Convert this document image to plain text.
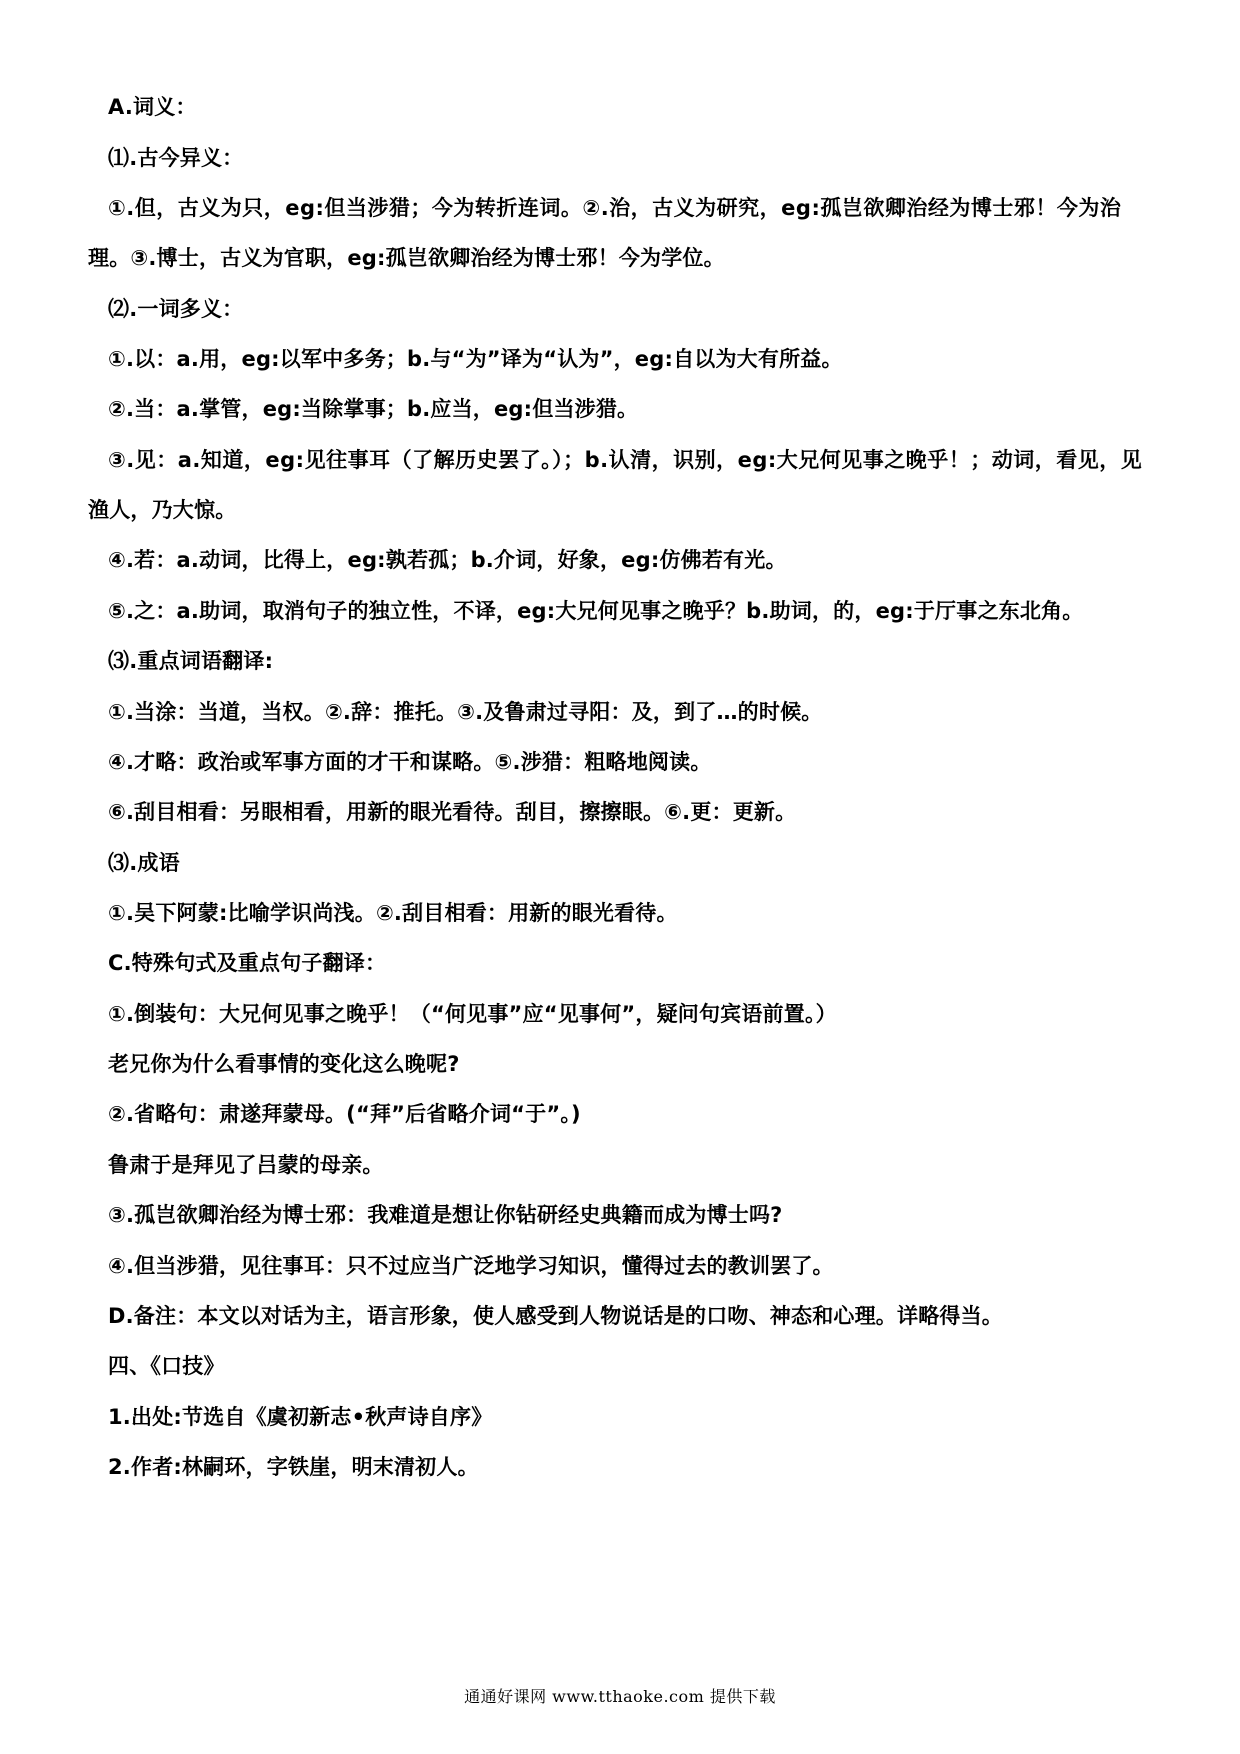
A.词义：
⑴.古今异义：
①.但，古义为只，eg:但当涉猎；今为转折连词。②.治，古义为研究，eg:孤岂欲卿治经为博士邪！今为治
理。③.博士，古义为官职，eg:孤岂欲卿治经为博士邪！今为学位。
⑵.一词多义：
①.以：a.用，eg:以军中多务；b.与“为”译为“认为”，eg:自以为大有所益。
②.当：a.掌管，eg:当除掌事；b.应当，eg:但当涉猎。
③.见：a.知道，eg:见往事耳（了解历史罢了。）；b.认清，识别，eg:大兄何见事之晚乎！；动词，看见，见
渔人，乃大惊。
④.若：a.动词，比得上，eg:孰若孤；b.介词，好象，eg:仿佛若有光。
⑤.之：a.助词，取消句子的独立性，不译，eg:大兄何见事之晚乎？b.助词，的，eg:于厅事之东北角。
⑶.重点词语翻译:
①.当涂：当道，当权。②.辞：推托。③.及鲁肃过寻阳：及，到了…的时候。
④.才略：政治或军事方面的才干和谋略。⑤.涉猎：粗略地阅读。
⑥.刮目相看：另眼相看，用新的眼光看待。刮目，擦擦眼。⑥.更：更新。
⑶.成语
①.吴下阿蒙:比喻学识尚浅。②.刮目相看：用新的眼光看待。
C.特殊句式及重点句子翻译：
①.倒装句：大兄何见事之晚乎！（“何见事”应“见事何”，疑问句宾语前置。）
老兄你为什么看事情的变化这么晚呢?
②.省略句：肃遂拜蒙母。(“拜”后省略介词“于”。)
鲁肃于是拜见了吕蒙的母亲。
③.孤岂欲卿治经为博士邪：我难道是想让你钻研经史典籍而成为博士吗?
④.但当涉猎，见往事耳：只不过应当广泛地学习知识，懂得过去的教训罢了。
D.备注：本文以对话为主，语言形象，使人感受到人物说话是的口吻、神态和心理。详略得当。
四、《口技》
1.出处:节选自《虞初新志•秋声诗自序》
2.作者:林嗣环，字铁崖，明末清初人。
通通好课网 www.tthaoke.com 提供下载
